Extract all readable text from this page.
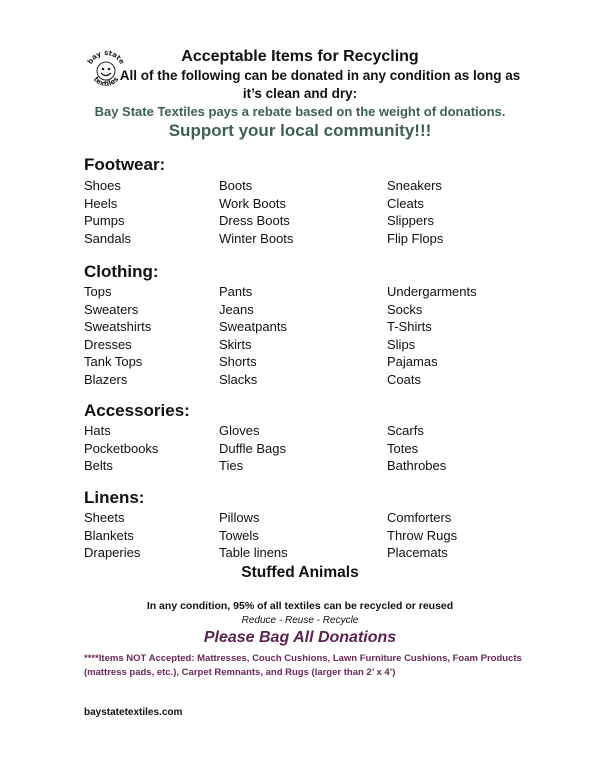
bay state
textiles
Acceptable Items for Recycling
All of the following can be donated in any condition as long as
it’s clean and dry:
Bay State Textiles pays a rebate based on the weight of donations.
Support your local community!!!
Footwear:
Shoes
Heels
Pumps
Sandals
Boots
Work Boots
Dress Boots
Winter Boots
Sneakers
Cleats
Slippers
Flip Flops
Clothing:
Tops
Sweaters
Sweatshirts
Dresses
Tank Tops
Blazers
Pants
Jeans
Sweatpants
Skirts
Shorts
Slacks
Undergarments
Socks
T-Shirts
Slips
Pajamas
Coats
Accessories:
Hats
Pocketbooks
Belts
Gloves
Duffle Bags
Ties
Scarfs
Totes
Bathrobes
Linens:
Sheets
Blankets
Draperies
Pillows
Towels
Table linens
Comforters
Throw Rugs
Placemats
Stuffed Animals
In any condition, 95% of all textiles can be recycled or reused
Reduce - Reuse - Recycle
Please Bag All Donations
****Items NOT Accepted: Mattresses, Couch Cushions, Lawn Furniture Cushions, Foam Products (mattress pads, etc.), Carpet Remnants, and Rugs (larger than 2’ x 4’)
baystatetextiles.com
